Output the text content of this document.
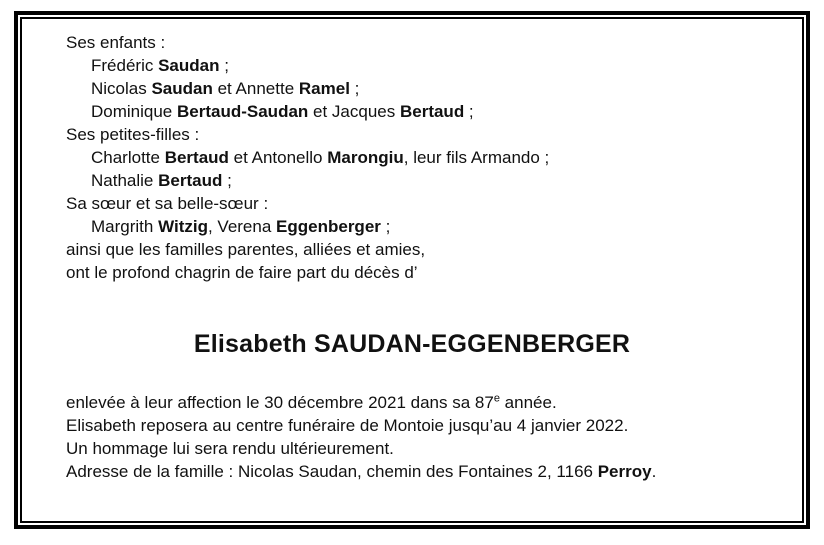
Ses enfants :
Frédéric Saudan ;
Nicolas Saudan et Annette Ramel ;
Dominique Bertaud-Saudan et Jacques Bertaud ;
Ses petites-filles :
Charlotte Bertaud et Antonello Marongiu, leur fils Armando ;
Nathalie Bertaud ;
Sa sœur et sa belle-sœur :
Margrith Witzig, Verena Eggenberger ;
ainsi que les familles parentes, alliées et amies,
ont le profond chagrin de faire part du décès d’
Elisabeth SAUDAN-EGGENBERGER
enlevée à leur affection le 30 décembre 2021 dans sa 87e année.
Elisabeth reposera au centre funéraire de Montoie jusqu’au 4 janvier 2022.
Un hommage lui sera rendu ultérieurement.
Adresse de la famille : Nicolas Saudan, chemin des Fontaines 2, 1166 Perroy.
